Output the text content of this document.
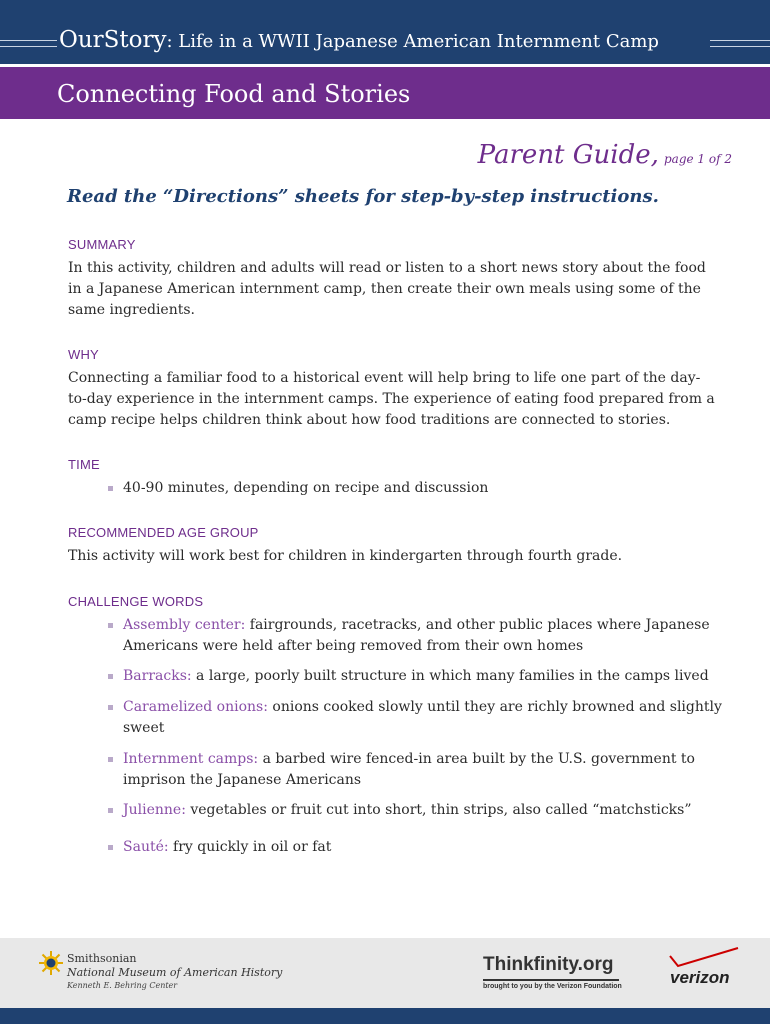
OurStory: Life in a WWII Japanese American Internment Camp
Connecting Food and Stories
Parent Guide, page 1 of 2
Read the “Directions” sheets for step-by-step instructions.
SUMMARY

In this activity, children and adults will read or listen to a short news story about the food in a Japanese American internment camp, then create their own meals using some of the same ingredients.

WHY

Connecting a familiar food to a historical event will help bring to life one part of the day-to-day experience in the internment camps. The experience of eating food prepared from a camp recipe helps children think about how food traditions are connected to stories.

TIME

40-90 minutes, depending on recipe and discussion

RECOMMENDED AGE GROUP

This activity will work best for children in kindergarten through fourth grade.

CHALLENGE WORDS

Assembly center: fairgrounds, racetracks, and other public places where Japanese Americans were held after being removed from their own homes

Barracks: a large, poorly built structure in which many families in the camps lived

Caramelized onions: onions cooked slowly until they are richly browned and slightly sweet

Internment camps: a barbed wire fenced-in area built by the U.S. government to imprison the Japanese Americans

Julienne: vegetables or fruit cut into short, thin strips, also called “matchsticks”

Sauté: fry quickly in oil or fat

Smithsonian
National Museum of American History
Kenneth E. Behring Center
Thinkfinity.org
brought to you by the Verizon Foundation	verizon
